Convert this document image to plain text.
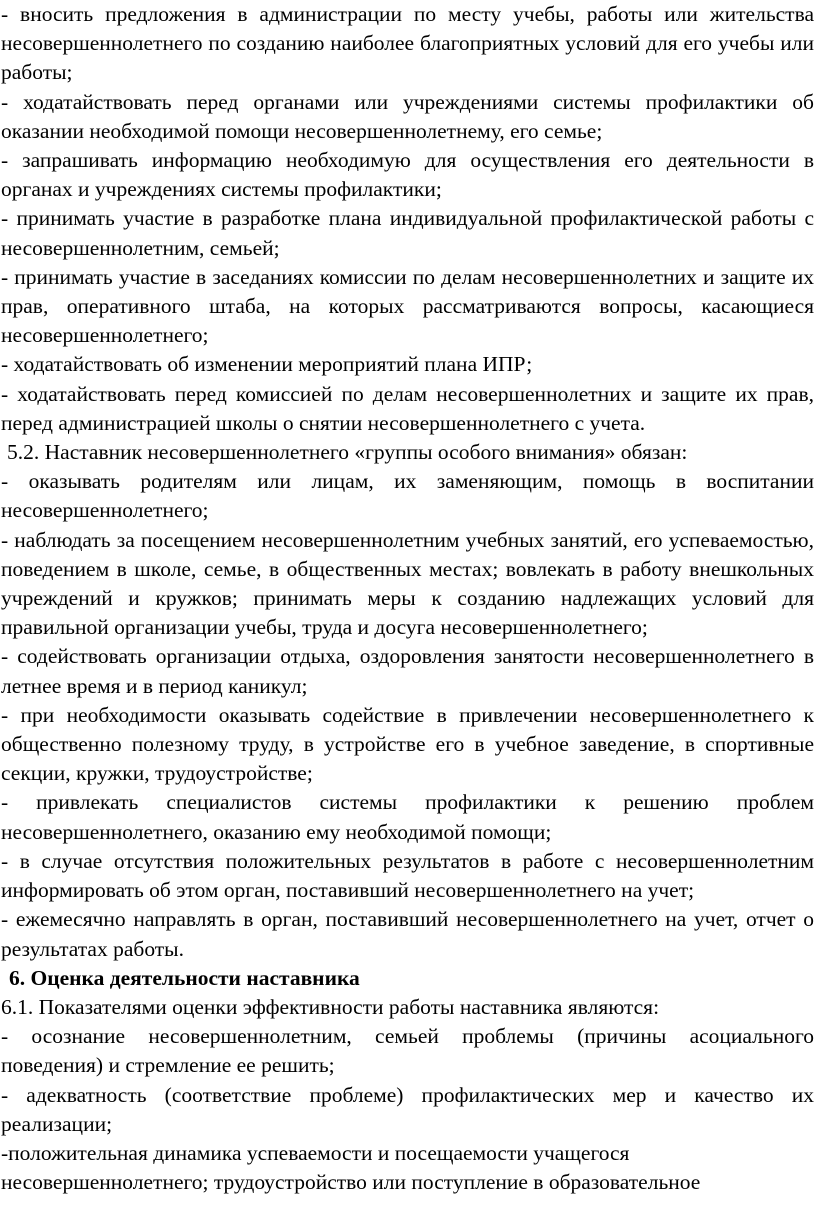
- вносить предложения в администрации по месту учебы, работы или жительства несовершеннолетнего по созданию наиболее благоприятных условий для его учебы или работы;

- ходатайствовать перед органами или учреждениями системы профилактики об оказании необходимой помощи несовершеннолетнему, его семье;

- запрашивать информацию необходимую для осуществления его деятельности в органах и учреждениях системы профилактики;

- принимать участие в разработке плана индивидуальной профилактической работы с несовершеннолетним, семьей;

- принимать участие в заседаниях комиссии по делам несовершеннолетних и защите их прав, оперативного штаба, на которых рассматриваются вопросы, касающиеся несовершеннолетнего;

- ходатайствовать об изменении мероприятий плана ИПР;

- ходатайствовать перед комиссией по делам несовершеннолетних и защите их прав, перед администрацией школы о снятии несовершеннолетнего с учета.

5.2. Наставник несовершеннолетнего «группы особого внимания» обязан:

- оказывать родителям или лицам, их заменяющим, помощь в воспитании несовершеннолетнего;

- наблюдать за посещением несовершеннолетним учебных занятий, его успеваемостью, поведением в школе, семье, в общественных местах; вовлекать в работу внешкольных учреждений и кружков; принимать меры к созданию надлежащих условий для правильной организации учебы, труда и досуга несовершеннолетнего;

- содействовать организации отдыха, оздоровления занятости несовершеннолетнего в летнее время и в период каникул;

- при необходимости оказывать содействие в привлечении несовершеннолетнего к общественно полезному труду, в устройстве его в учебное заведение, в спортивные секции, кружки, трудоустройстве;

- привлекать специалистов системы профилактики к решению проблем несовершеннолетнего, оказанию ему необходимой помощи;

- в случае отсутствия положительных результатов в работе с несовершеннолетним информировать об этом орган, поставивший несовершеннолетнего на учет;

- ежемесячно направлять в орган, поставивший несовершеннолетнего на учет, отчет о результатах работы.

6. Оценка деятельности наставника

6.1. Показателями оценки эффективности работы наставника являются:

- осознание несовершеннолетним, семьей проблемы (причины асоциального поведения) и стремление ее решить;

- адекватность (соответствие проблеме) профилактических мер и качество их реализации;

-положительная динамика успеваемости и посещаемости учащегося несовершеннолетнего; трудоустройство или поступление в образовательное
